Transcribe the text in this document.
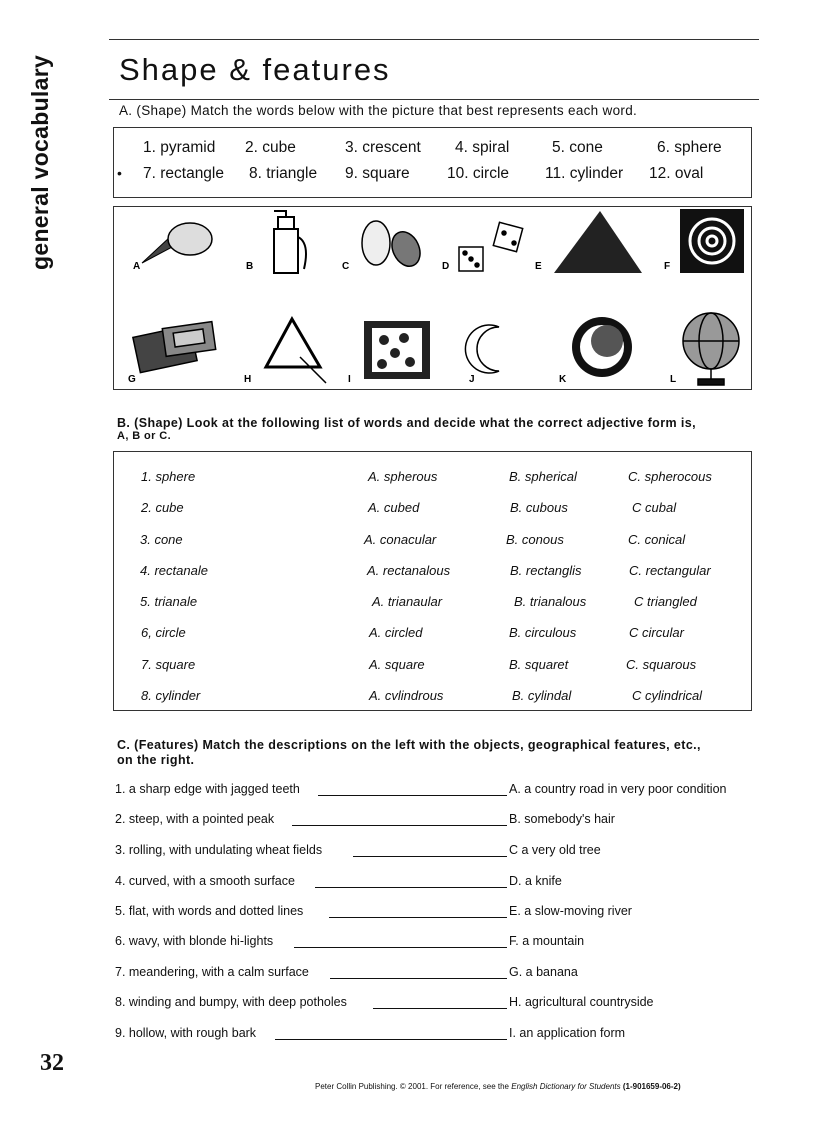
general vocabulary Shape & features
A. (Shape) Match the words below with the picture that best represents each word.
1. pyramid 2. cube	3. crescent 4. spiral	5. cone	6. sphere
7. rectangle 8. triangle 9. square 10. circle 11. cylinder 12. oval
•
A	B	C	D	E	F
G	H	I	J	K	L
B. (Shape) Look at the following list of words and decide what the correct adjective form is,
A, B or C.
1. sphere	A. spherous	B. spherical	C. spherocous
2. cube	A. cubed	B. cubous	C cubal
3. cone	A. conacular	B. conous	C. conical
4. rectanale	A. rectanalous	B. rectanglis	C. rectangular
5. trianale	A. trianaular	B. trianalous	C triangled
6, circle	A. circled	B. circulous	C circular
7. square	A. square	B. squaret	C. squarous
8. cylinder	A. cvlindrous	B. cylindal	C cylindrical
C. (Features) Match the descriptions on the left with the objects, geographical features, etc.,
on the right.
1. a sharp edge with jagged teeth	A. a country road in very poor condition
2. steep, with a pointed peak	B. somebody's hair
3. rolling, with undulating wheat fields	C a very old tree
4. curved, with a smooth surface	D. a knife
5. flat, with words and dotted lines	E. a slow-moving river
6. wavy, with blonde hi-lights	F. a mountain
7. meandering, with a calm surface	G. a banana
8. winding and bumpy, with deep potholes	H. agricultural countryside
9. hollow, with rough bark	I. an application form
32
Peter Collin Publishing. © 2001. For reference, see the English Dictionary for Students (1-901659-06-2)
